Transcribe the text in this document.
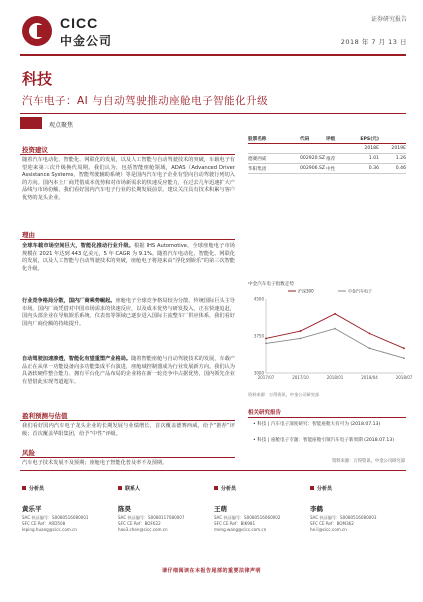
CICC
中金公司
证券研究报告
2018 年 7 月 13 日
科技
汽车电子：AI 与自动驾驶推动座舱电子智能化升级
观点聚焦
投资建议
随着汽车电动化、智能化、网联化的发展，以及人工智能与自动驾驶技术的突破，车载电子有望迎来第三次升级换代周期。我们认为，包括智能座舱领域，ADAS（Advanced Driver Assistance Systems，智能驾驶辅助系统）等是国内汽车电子企业有望向自动驾驶行列切入的方向。国内本土厂商凭借成本优势和对市场新需求的快速反应能力，在过去几年迅速扩大产品线与市场份额，我们看好国内汽车电子行业的长期发展前景。建议关注具有技术积累与客户优势的龙头企业。
理由
全球车载市场空间巨大，智能化推动行业升级。根据 IHS Automotive，全球座舱电子市场规模在 2021 年达到 443 亿美元，5 年 CAGR 为 9.1%。随着汽车电动化、智能化、网联化的发展，以及人工智能与自动驾驶技术的突破，座舱电子将迎来由“浮化到娱乐”的第三次智能化升级。
行业竞争格局分散，国内厂商乘势崛起。座舱电子全球竞争格局较为分散，传统国际巨头主导市场。国内厂商凭借对中国市场需求的快速反应，以及成本优势与研发投入，正在快速追赶，国内头部企业在导航娱乐系统、仪表盘等领域已逐步进入国际主流整车厂供应体系，我们看好国内厂商份额的持续提升。
自动驾驶加速渗透，智能化有望重塑产业格局。随着智能座舱与自动驾驶技术的发展，车载产品正在从单一功能设备向多功能集成平台演进，座舱域控制器成为行业发展新方向。我们认为具备软硬件整合能力、拥有平台化产品布局的企业将在新一轮竞争中占据优势，国内领先企业有望借此实现弯道超车。
盈利预测与估值
我们看好国内汽车电子龙头企业的长期发展与业绩增长，首次覆盖德赛西威，给予“推荐”评级；首次覆盖华阳集团，给予“中性”评级。
风险
汽车电子技术发展不及预期；座舱电子智能化普及率不及预期。
股票名称	代码	评级	EPS(元)
2018E	2019E
德赛西威	002920.SZ 推荐	1.01	1.26
华阳集团	002906.SZ 中性	0.36	0.46
中金汽车电子指数走势
2017/07	2017/10	2018/01	2018/04	2018/07
3000
3750
4500
沪深300	中金汽车电子
资料来源：万得资讯，中金公司研究部
相关研究报告
• 科技 | 汽车电子深度研究：智能座舱大有可为 (2018.07.13)
• 科技 | 座舱电子专题：智能座舱引领汽车电子新周期 (2018.07.13)
资料来源：万得资讯，中金公司研究部
分析员
黄乐平
SAC 执证编号：S0080516080001
SFC CE Ref：ARD508
leping.huang@cicc.com.cn
联系人
陈昊
SAC 执证编号：S0080117080007
SFC CE Ref：BOF622
hao3.chen@cicc.com.cn
分析员
王萌
SAC 执证编号：S0080516060002
SFC CE Ref：BIK981
meng.wang@cicc.com.cn
分析员
李鹤
SAC 执证编号：S0080516080003
SFC CE Ref：BOM362
he.li@cicc.com.cn
请仔细阅读在本报告尾部的重要法律声明
